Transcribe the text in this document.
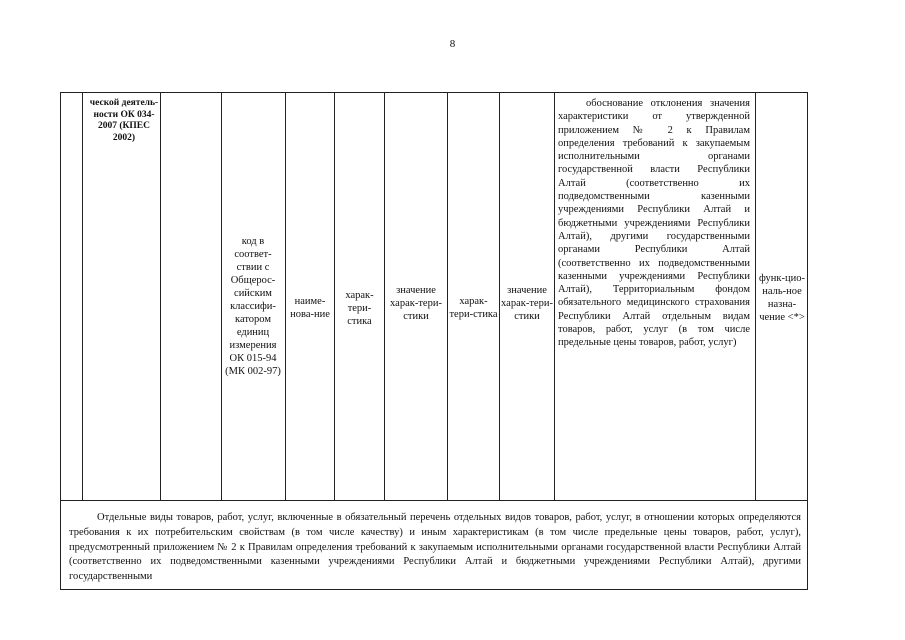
8
ческой деятель-ности ОК 034-2007 (КПЕС 2002)
код в соответ-ствии с Общерос-сийским классифи-катором единиц измерения ОК 015-94 (МК 002-97)
наиме-нова-ние
харак-тери-стика
значение харак-тери-стики
харак-тери-стика
значение харак-тери-стики
обоснование отклонения значения характеристики от утвержденной приложением № 2 к Правилам определения требований к закупаемым исполнительными органами государственной власти Республики Алтай (соответственно их подведомственными казенными учреждениями Республики Алтай и бюджетными учреждениями Республики Алтай), другими государственными органами Республики Алтай (соответственно их подведомственными казенными учреждениями Республики Алтай), Территориальным фондом обязательного медицинского страхования Республики Алтай отдельным видам товаров, работ, услуг (в том числе предельные цены товаров, работ, услуг)
функ-цио-наль-ное назна-чение <*>
Отдельные виды товаров, работ, услуг, включенные в обязательный перечень отдельных видов товаров, работ, услуг, в отношении которых определяются требования к их потребительским свойствам (в том числе качеству) и иным характеристикам (в том числе предельные цены товаров, работ, услуг), предусмотренный приложением № 2 к Правилам определения требований к закупаемым исполнительными органами государственной власти Республики Алтай (соответственно их подведомственными казенными учреждениями Республики Алтай и бюджетными учреждениями Республики Алтай), другими государственными
